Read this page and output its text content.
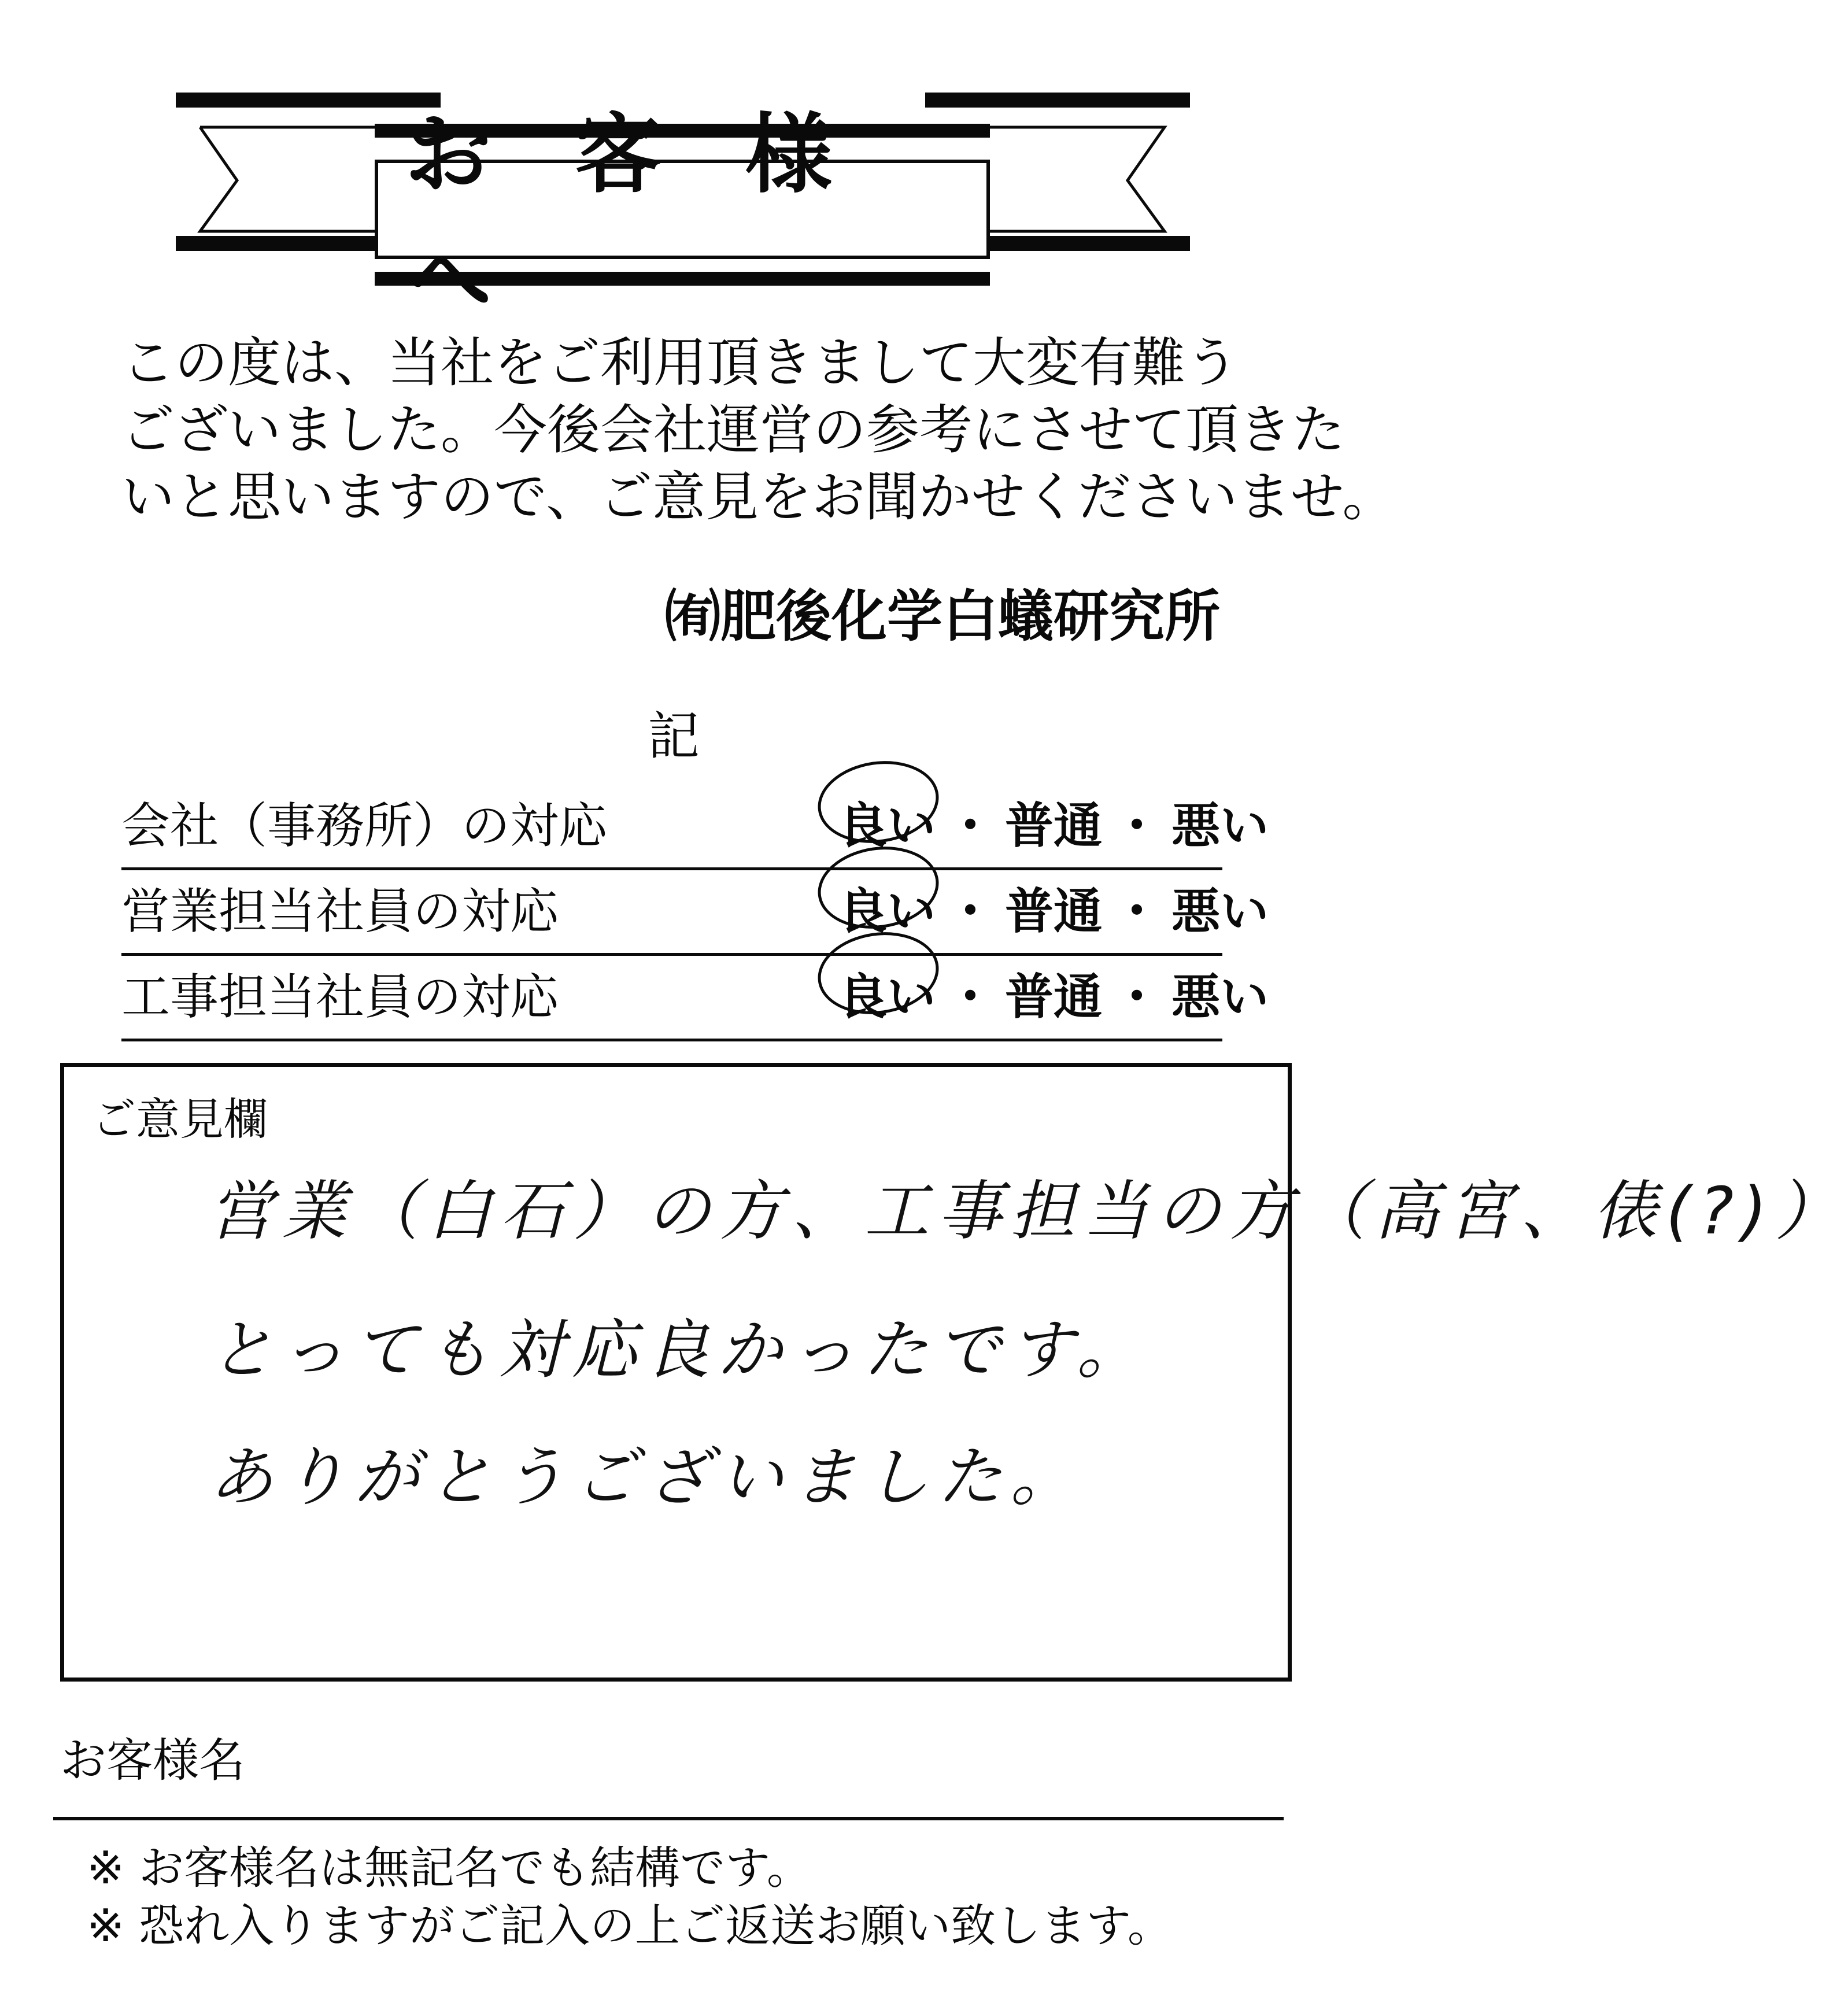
お 客 様 へ
この度は、当社をご利用頂きまして大変有難う
ございました。今後会社運営の参考にさせて頂きた
いと思いますので、ご意見をお聞かせくださいませ。
㈲肥後化学白蟻研究所
記
会社（事務所）の対応	良い ・ 普通 ・ 悪い
営業担当社員の対応	良い ・ 普通 ・ 悪い
工事担当社員の対応	良い ・ 普通 ・ 悪い
ご意見欄
営業（白石）の方、工事担当の方（高宮、俵(?)）
とっても対応良かったです。
ありがとうございました。
お客様名
※ お客様名は無記名でも結構です。
※ 恐れ入りますがご記入の上ご返送お願い致します。
